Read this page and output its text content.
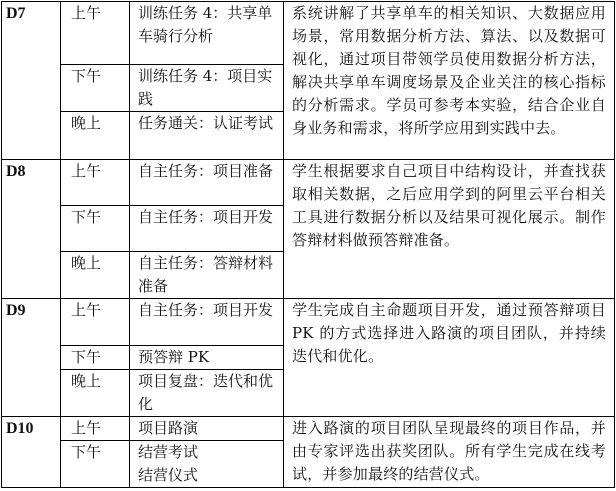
D7	上午	训练任务 4：共享单车骑行分析	系统讲解了共享单车的相关知识、大数据应用场景，常用数据分析方法、算法、以及数据可视化，通过项目带领学员使用数据分析方法，解决共享单车调度场景及企业关注的核心指标的分析需求。学员可参考本实验，结合企业自身业务和需求，将所学应用到实践中去。
	下午	训练任务 4：项目实践	
	晚上	任务通关：认证考试	
D8	上午	自主任务：项目准备	学生根据要求自己项目中结构设计，并查找获取相关数据，之后应用学到的阿里云平台相关工具进行数据分析以及结果可视化展示。制作答辩材料做预答辩准备。
	下午	自主任务：项目开发	
	晚上	自主任务：答辩材料准备	
D9	上午	自主任务：项目开发	学生完成自主命题项目开发，通过预答辩项目 PK 的方式选择进入路演的项目团队，并持续迭代和优化。
	下午	预答辩 PK	
	晚上	项目复盘：迭代和优化	
D10	上午	项目路演	进入路演的项目团队呈现最终的项目作品，并由专家评选出获奖团队。所有学生完成在线考试，并参加最终的结营仪式。
	下午	结营考试
结营仪式	
